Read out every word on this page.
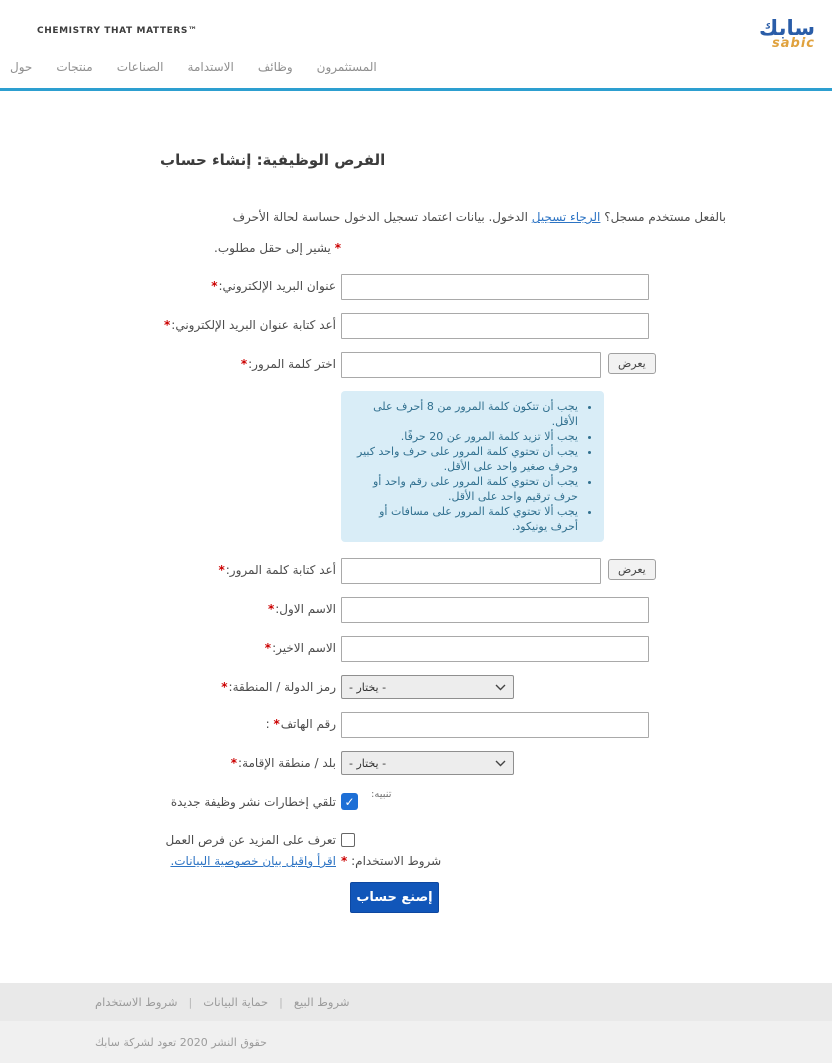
CHEMISTRY THAT MATTERS™	سابك
sabic
المستثمرون
وظائف
الاستدامة
الصناعات
منتجات
حول
الفرص الوظيفية: إنشاء حساب

بالفعل مستخدم مسجل؟ الرجاء تسجيل الدخول. بيانات اعتماد تسجيل الدخول حساسة لحالة الأحرف

يشير إلى حقل مطلوب. *
*:عنوان البريد الإلكتروني
*:أعد كتابة عنوان البريد الإلكتروني
*:اختر كلمة المرور	يعرض
• يجب أن تتكون كلمة المرور من 8 أحرف على الأقل.
• يجب ألا تزيد كلمة المرور عن 20 حرفًا.
• يجب أن تحتوي كلمة المرور على حرف واحد كبير وحرف صغير واحد على الأقل.
• يجب أن تحتوي كلمة المرور على رقم واحد أو حرف ترقيم واحد على الأقل.
• يجب ألا تحتوي كلمة المرور على مسافات أو أحرف يونيكود.
*:أعد كتابة كلمة المرور	يعرض
*:الاسم الاول
*:الاسم الاخير
*:رمز الدولة / المنطقة - يختار -
: *رقم الهاتف
*:بلد / منطقة الإقامة - يختار -
تلقي إخطارات نشر وظيفة جديدة ✓	تنبيه:
تعرف على المزيد عن فرص العمل
اقرأ واقبل بيان خصوصية البيانات. * شروط الاستخدام:
إصنع حساب
شروط البيع
|
حماية البيانات
|
شروط الاستخدام
حقوق النشر 2020 تعود لشركة سابك
